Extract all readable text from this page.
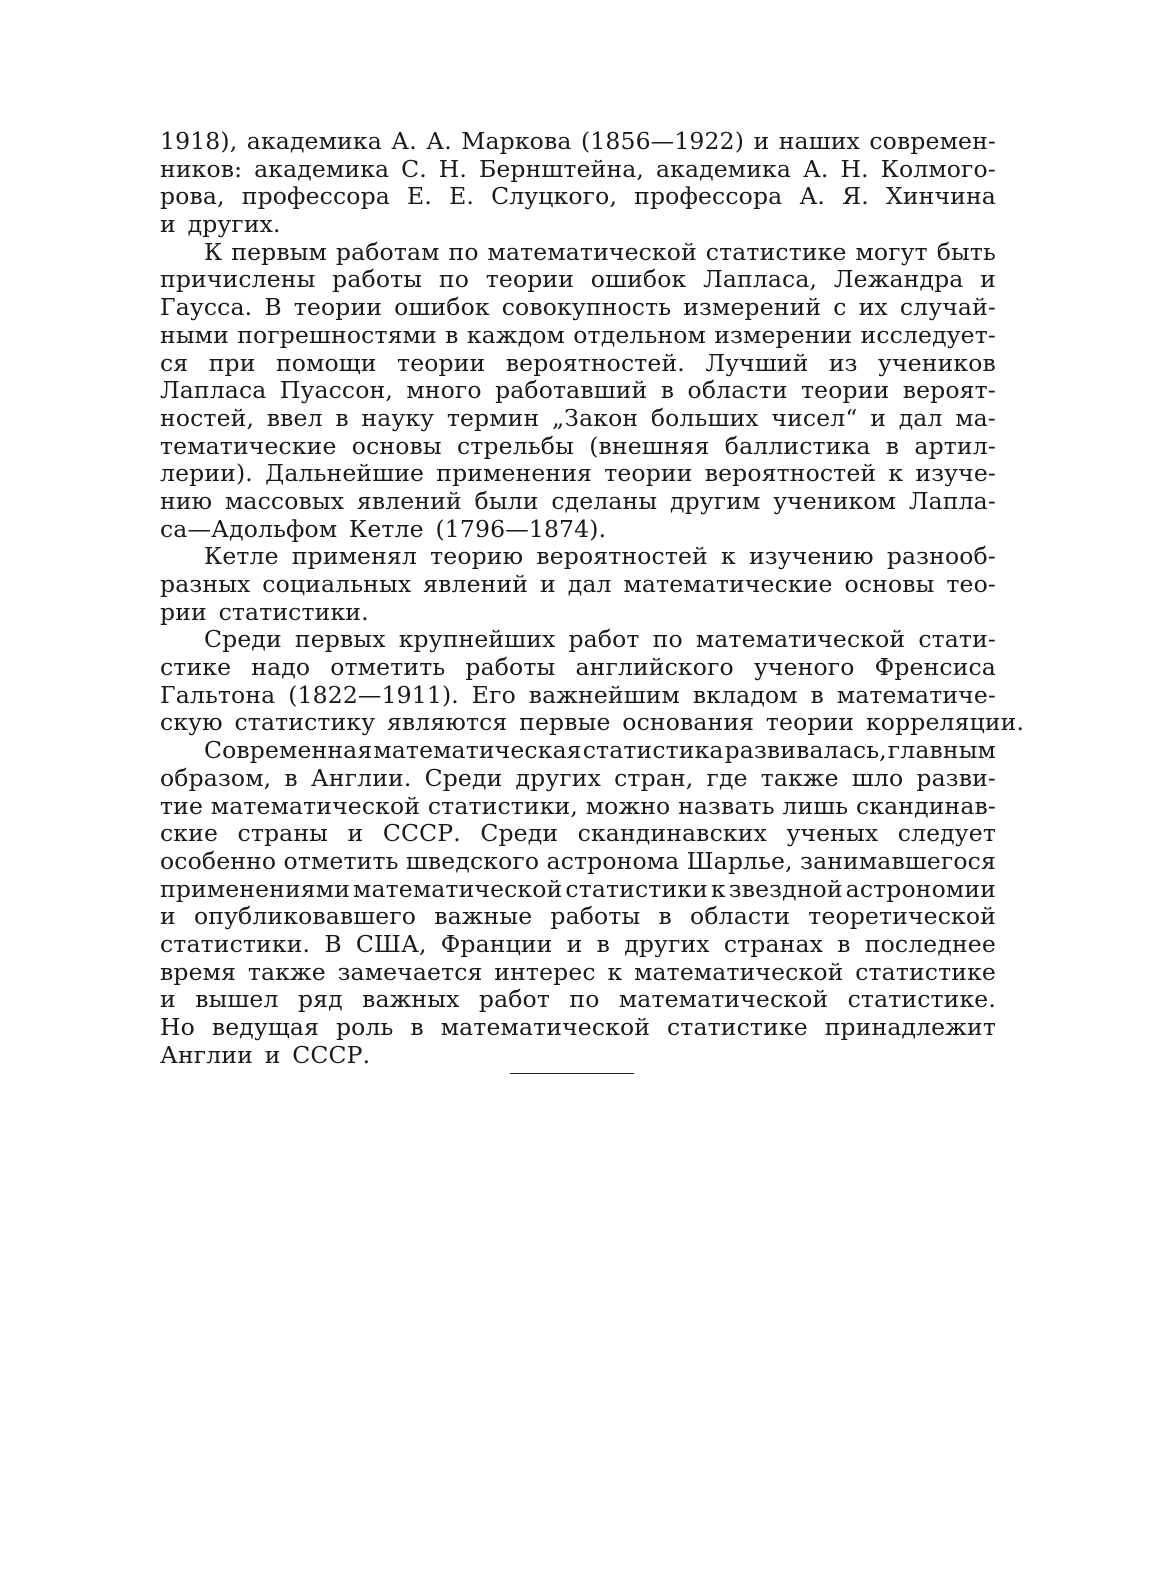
1918), академика А. А. Маркова (1856—1922) и наших современ-
ников: академика С. Н. Бернштейна, академика А. Н. Колмого-
рова, профессора Е. Е. Слуцкого, профессора А. Я. Хинчина
и других.
К первым работам по математической статистике могут быть
причислены работы по теории ошибок Лапласа, Лежандра и
Гаусса. В теории ошибок совокупность измерений с их случай-
ными погрешностями в каждом отдельном измерении исследует-
ся при помощи теории вероятностей. Лучший из учеников
Лапласа Пуассон, много работавший в области теории вероят-
ностей, ввел в науку термин „Закон больших чисел“ и дал ма-
тематические основы стрельбы (внешняя баллистика в артил-
лерии). Дальнейшие применения теории вероятностей к изуче-
нию массовых явлений были сделаны другим учеником Лапла-
са—Адольфом Кетле (1796—1874).
Кетле применял теорию вероятностей к изучению разнооб-
разных социальных явлений и дал математические основы тео-
рии статистики.
Среди первых крупнейших работ по математической стати-
стике надо отметить работы английского ученого Френсиса
Гальтона (1822—1911). Его важнейшим вкладом в математиче-
скую статистику являются первые основания теории корреляции.
Современная математическая статистика развивалась, главным
образом, в Англии. Среди других стран, где также шло разви-
тие математической статистики, можно назвать лишь скандинав-
ские страны и СССР. Среди скандинавских ученых следует
особенно отметить шведского астронома Шарлье, занимавшегося
применениями математической статистики к звездной астрономии
и опубликовавшего важные работы в области теоретической
статистики. В США, Франции и в других странах в последнее
время также замечается интерес к математической статистике
и вышел ряд важных работ по математической статистике.
Но ведущая роль в математической статистике принадлежит
Англии и СССР.
